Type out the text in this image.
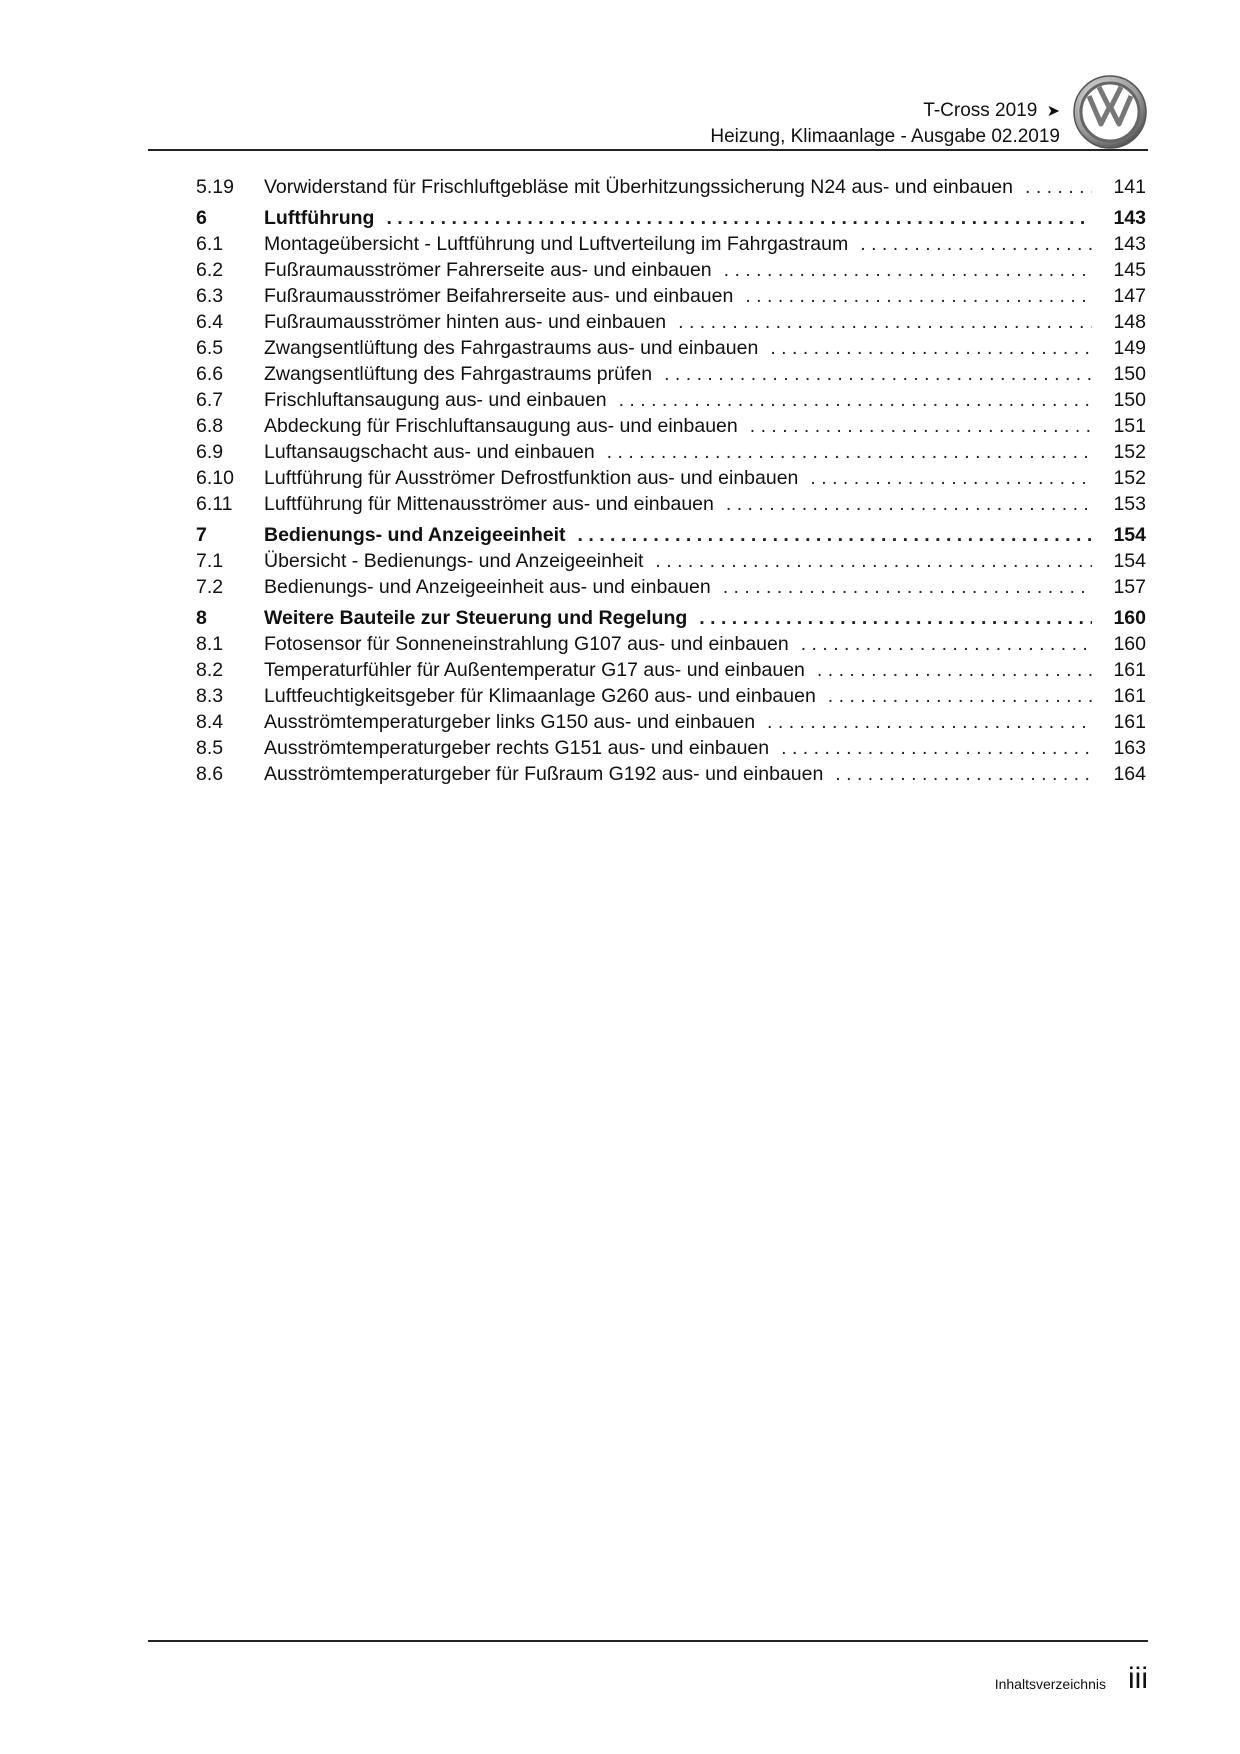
T-Cross 2019 ➤
Heizung, Klimaanlage - Ausgabe 02.2019
5.19	Vorwiderstand für Frischluftgebläse mit Überhitzungssicherung N24 aus- und einbauen . . .	141
6	Luftführung . . .	143
6.1	Montageübersicht - Luftführung und Luftverteilung im Fahrgastraum . . .	143
6.2	Fußraumausströmer Fahrerseite aus- und einbauen . . .	145
6.3	Fußraumausströmer Beifahrerseite aus- und einbauen . . .	147
6.4	Fußraumausströmer hinten aus- und einbauen . . .	148
6.5	Zwangsentlüftung des Fahrgastraums aus- und einbauen . . .	149
6.6	Zwangsentlüftung des Fahrgastraums prüfen . . .	150
6.7	Frischluftansaugung aus- und einbauen . . .	150
6.8	Abdeckung für Frischluftansaugung aus- und einbauen . . .	151
6.9	Luftansaugschacht aus- und einbauen . . .	152
6.10	Luftführung für Ausströmer Defrostfunktion aus- und einbauen . . .	152
6.11	Luftführung für Mittenausströmer aus- und einbauen . . .	153
7	Bedienungs- und Anzeigeeinheit . . .	154
7.1	Übersicht - Bedienungs- und Anzeigeeinheit . . .	154
7.2	Bedienungs- und Anzeigeeinheit aus- und einbauen . . .	157
8	Weitere Bauteile zur Steuerung und Regelung . . .	160
8.1	Fotosensor für Sonneneinstrahlung G107 aus- und einbauen . . .	160
8.2	Temperaturfühler für Außentemperatur G17 aus- und einbauen . . .	161
8.3	Luftfeuchtigkeitsgeber für Klimaanlage G260 aus- und einbauen . . .	161
8.4	Ausströmtemperaturgeber links G150 aus- und einbauen . . .	161
8.5	Ausströmtemperaturgeber rechts G151 aus- und einbauen . . .	163
8.6	Ausströmtemperaturgeber für Fußraum G192 aus- und einbauen . . .	164
Inhaltsverzeichnis iii
